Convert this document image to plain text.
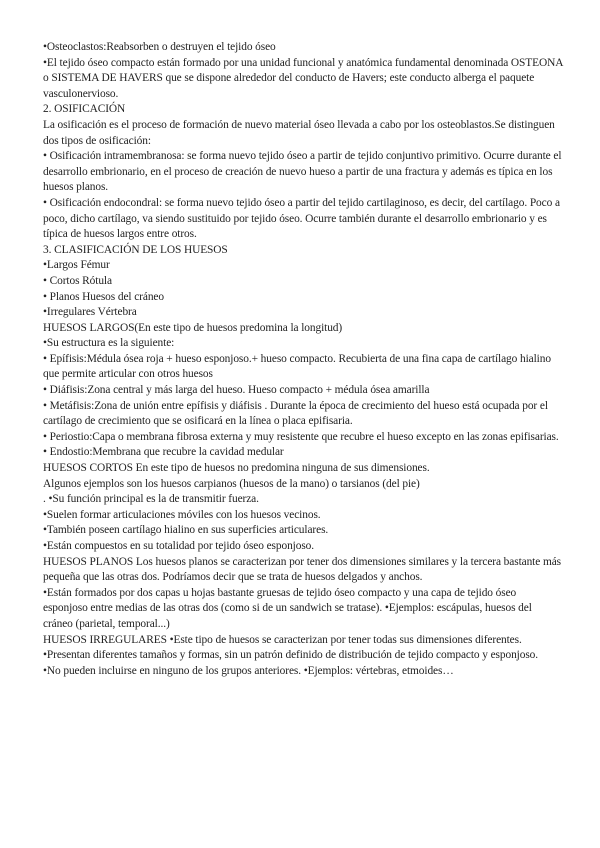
•Osteoclastos:Reabsorben o destruyen el tejido óseo

•El tejido óseo compacto están formado por una unidad funcional y anatómica fundamental denominada OSTEONA o SISTEMA DE HAVERS que se dispone alrededor del conducto de Havers; este conducto alberga el paquete vasculonervioso.

2. OSIFICACIÓN

La osificación es el proceso de formación de nuevo material óseo llevada a cabo por los osteoblastos.Se distinguen dos tipos de osificación:

• Osificación intramembranosa: se forma nuevo tejido óseo a partir de tejido conjuntivo primitivo. Ocurre durante el desarrollo embrionario, en el proceso de creación de nuevo hueso a partir de una fractura y además es típica en los huesos planos.

• Osificación endocondral: se forma nuevo tejido óseo a partir del tejido cartilaginoso, es decir, del cartílago. Poco a poco, dicho cartílago, va siendo sustituido por tejido óseo. Ocurre también durante el desarrollo embrionario y es típica de huesos largos entre otros.

3. CLASIFICACIÓN DE LOS HUESOS

•Largos Fémur

• Cortos Rótula

• Planos Huesos del cráneo

•Irregulares Vértebra

HUESOS LARGOS(En este tipo de huesos predomina la longitud)

•Su estructura es la siguiente:

• Epífisis:Médula ósea roja + hueso esponjoso.+ hueso compacto. Recubierta de una fina capa de cartílago hialino que permite articular con otros huesos

• Diáfisis:Zona central y más larga del hueso. Hueso compacto + médula ósea amarilla

• Metáfisis:Zona de unión entre epífisis y diáfisis . Durante la época de crecimiento del hueso está ocupada por el cartílago de crecimiento que se osificará en la línea o placa epifisaria.

• Periostio:Capa o membrana fibrosa externa y muy resistente que recubre el hueso excepto en las zonas epifisarias.

• Endostio:Membrana que recubre la cavidad medular

HUESOS CORTOS En este tipo de huesos no predomina ninguna de sus dimensiones.

Algunos ejemplos son los huesos carpianos (huesos de la mano) o tarsianos (del pie)

. •Su función principal es la de transmitir fuerza.

•Suelen formar articulaciones móviles con los huesos vecinos.

•También poseen cartílago hialino en sus superficies articulares.

•Están compuestos en su totalidad por tejido óseo esponjoso.

HUESOS PLANOS Los huesos planos se caracterizan por tener dos dimensiones similares y la tercera bastante más pequeña que las otras dos. Podríamos decir que se trata de huesos delgados y anchos.

•Están formados por dos capas u hojas bastante gruesas de tejido óseo compacto y una capa de tejido óseo esponjoso entre medias de las otras dos (como si de un sandwich se tratase). •Ejemplos: escápulas, huesos del cráneo (parietal, temporal...)

HUESOS IRREGULARES •Este tipo de huesos se caracterizan por tener todas sus dimensiones diferentes.

•Presentan diferentes tamaños y formas, sin un patrón definido de distribución de tejido compacto y esponjoso.

•No pueden incluirse en ninguno de los grupos anteriores. •Ejemplos: vértebras, etmoides…
